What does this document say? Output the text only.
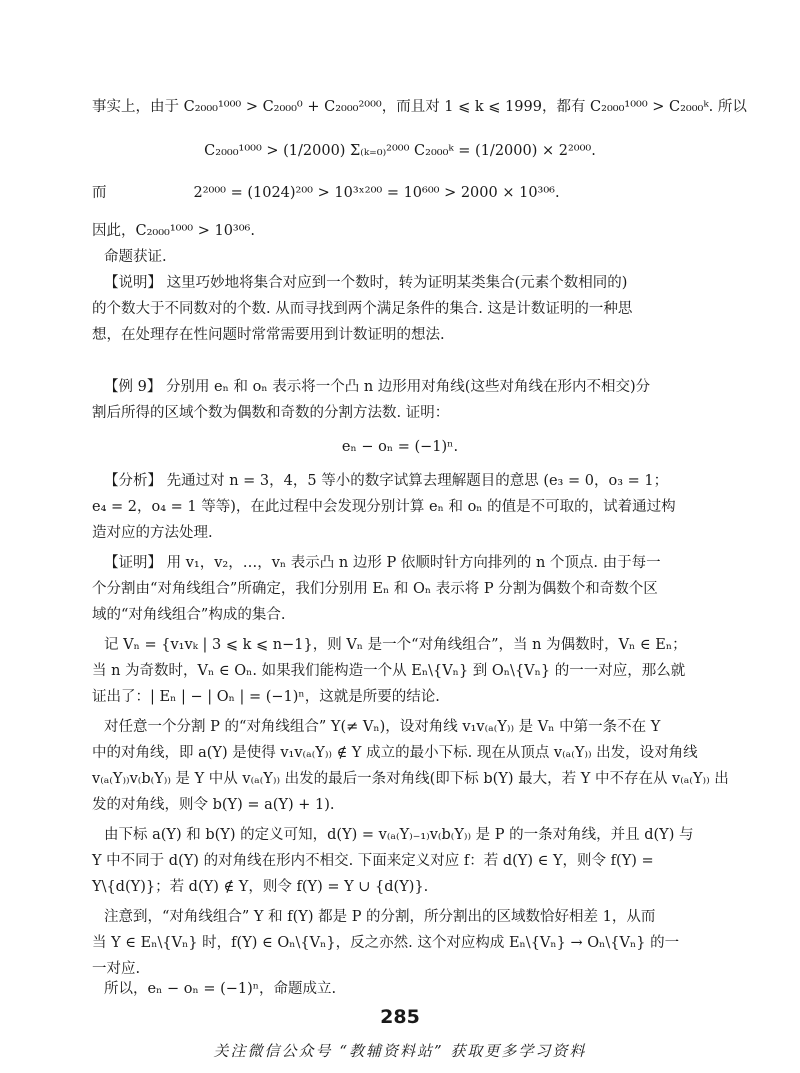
事实上，由于 C₂₀₀₀¹⁰⁰⁰ > C₂₀₀₀⁰ + C₂₀₀₀²⁰⁰⁰，而且对 1 ⩽ k ⩽ 1999，都有 C₂₀₀₀¹⁰⁰⁰ > C₂₀₀₀ᵏ. 所以
C₂₀₀₀¹⁰⁰⁰ > (1/2000) Σ₍ₖ₌₀₎²⁰⁰⁰ C₂₀₀₀ᵏ = (1/2000) × 2²⁰⁰⁰.
而　　　　　　2²⁰⁰⁰ = (1024)²⁰⁰ > 10³ˣ²⁰⁰ = 10⁶⁰⁰ > 2000 × 10³⁰⁶.
因此，C₂₀₀₀¹⁰⁰⁰ > 10³⁰⁶.
命题获证.
【说明】 这里巧妙地将集合对应到一个数时，转为证明某类集合(元素个数相同的)
的个数大于不同数对的个数. 从而寻找到两个满足条件的集合. 这是计数证明的一种思
想，在处理存在性问题时常常需要用到计数证明的想法.
【例 9】 分别用 eₙ 和 oₙ 表示将一个凸 n 边形用对角线(这些对角线在形内不相交)分
割后所得的区域个数为偶数和奇数的分割方法数. 证明：
eₙ − oₙ = (−1)ⁿ.
【分析】 先通过对 n = 3，4，5 等小的数字试算去理解题目的意思 (e₃ = 0，o₃ = 1；
e₄ = 2，o₄ = 1 等等)，在此过程中会发现分别计算 eₙ 和 oₙ 的值是不可取的，试着通过构
造对应的方法处理.
【证明】 用 v₁，v₂，…，vₙ 表示凸 n 边形 P 依顺时针方向排列的 n 个顶点. 由于每一
个分割由“对角线组合”所确定，我们分别用 Eₙ 和 Oₙ 表示将 P 分割为偶数个和奇数个区
域的“对角线组合”构成的集合.
记 Vₙ = {v₁vₖ | 3 ⩽ k ⩽ n−1}，则 Vₙ 是一个“对角线组合”，当 n 为偶数时，Vₙ ∈ Eₙ；
当 n 为奇数时，Vₙ ∈ Oₙ. 如果我们能构造一个从 Eₙ\{Vₙ} 到 Oₙ\{Vₙ} 的一一对应，那么就
证出了：| Eₙ | − | Oₙ | = (−1)ⁿ，这就是所要的结论.
对任意一个分割 P 的“对角线组合” Y(≠ Vₙ)，设对角线 v₁v₍ₐ₍Y₎₎ 是 Vₙ 中第一条不在 Y
中的对角线，即 a(Y) 是使得 v₁v₍ₐ₍Y₎₎ ∉ Y 成立的最小下标. 现在从顶点 v₍ₐ₍Y₎₎ 出发，设对角线
v₍ₐ₍Y₎₎v₍b₍Y₎₎ 是 Y 中从 v₍ₐ₍Y₎₎ 出发的最后一条对角线(即下标 b(Y) 最大，若 Y 中不存在从 v₍ₐ₍Y₎₎ 出
发的对角线，则令 b(Y) = a(Y) + 1).
由下标 a(Y) 和 b(Y) 的定义可知，d(Y) = v₍ₐ₍Y₎₋₁₎v₍b₍Y₎₎ 是 P 的一条对角线，并且 d(Y) 与
Y 中不同于 d(Y) 的对角线在形内不相交. 下面来定义对应 f：若 d(Y) ∈ Y，则令 f(Y) =
Y\{d(Y)}；若 d(Y) ∉ Y，则令 f(Y) = Y ∪ {d(Y)}.
注意到，“对角线组合” Y 和 f(Y) 都是 P 的分割，所分割出的区域数恰好相差 1，从而
当 Y ∈ Eₙ\{Vₙ} 时，f(Y) ∈ Oₙ\{Vₙ}，反之亦然. 这个对应构成 Eₙ\{Vₙ} → Oₙ\{Vₙ} 的一
一对应.
所以，eₙ − oₙ = (−1)ⁿ，命题成立.
285
关注微信公众号 “教辅资料站” 获取更多学习资料
